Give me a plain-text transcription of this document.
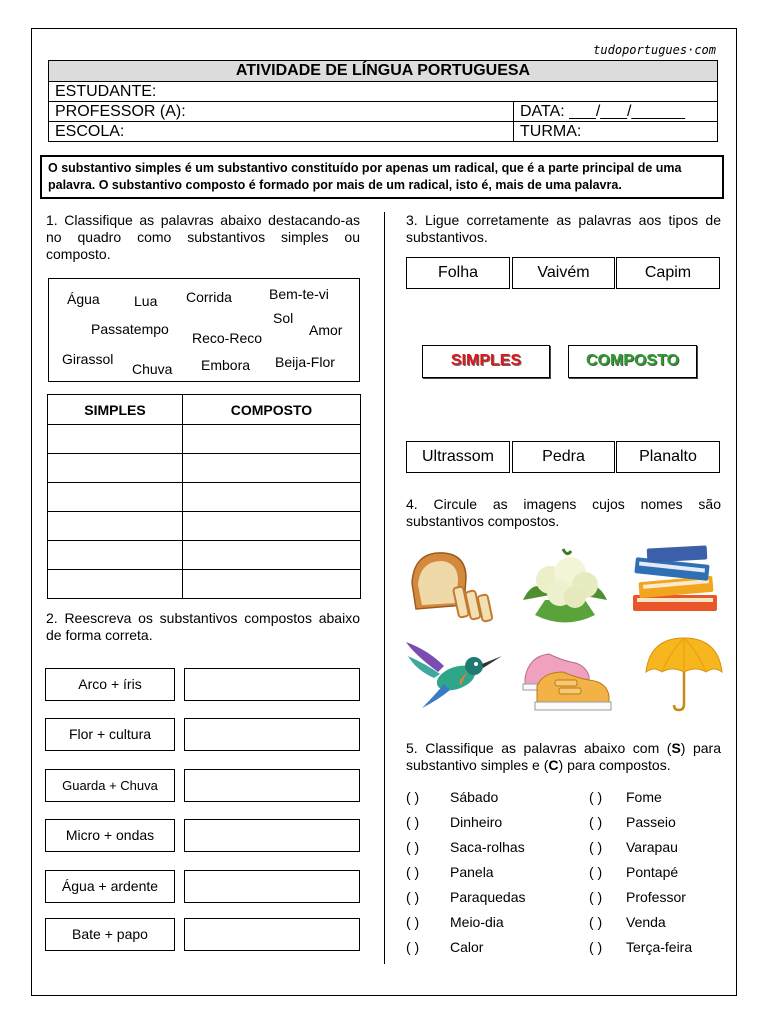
tudoportugues·com
ATIVIDADE DE LÍNGUA PORTUGUESA
ESTUDANTE:
PROFESSOR (A):	DATA: ___/___/______
ESCOLA:	TURMA:
O substantivo simples é um substantivo constituído por apenas um radical, que é a parte principal de uma palavra. O substantivo composto é formado por mais de um radical, isto é, mais de uma palavra.
1. Classifique as palavras abaixo destacando-as no quadro como substantivos simples ou composto.
Água Lua Corrida	Bem-te-vi
Sol
Passatempo
Reco-Reco	Amor
Girassol
Chuva Embora Beija-Flor
SIMPLES	COMPOSTO

2. Reescreva os substantivos compostos abaixo de forma correta.
Arco + íris
Flor + cultura
Guarda + Chuva
Micro + ondas
Água + ardente
Bate + papo
3. Ligue corretamente as palavras aos tipos de substantivos.
Folha	Vaivém	Capim
SIMPLES	COMPOSTO
Ultrassom	Pedra	Planalto
4. Circule as imagens cujos nomes são substantivos compostos.
5. Classifique as palavras abaixo com (S) para substantivo simples e (C) para compostos.
( ) Sábado
( ) Dinheiro
( ) Saca-rolhas
( ) Panela
( ) Paraquedas
( ) Meio-dia
( ) Calor
( ) Fome
( ) Passeio
( ) Varapau
( ) Pontapé
( ) Professor
( ) Venda
( ) Terça-feira
